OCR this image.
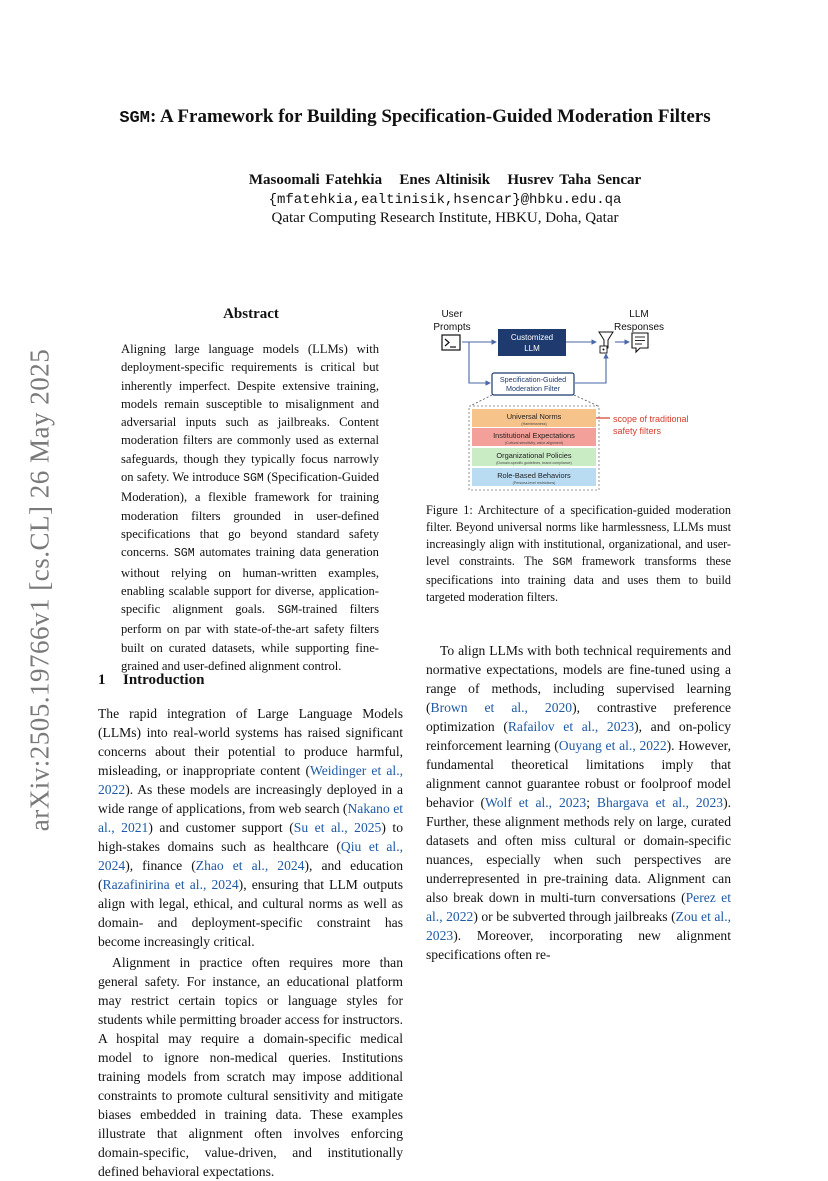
arXiv:2505.19766v1 [cs.CL] 26 May 2025
SGM: A Framework for Building Specification-Guided Moderation Filters
Masoomali Fatehkia   Enes Altinisik   Husrev Taha Sencar
{mfatehkia,ealtinisik,hsencar}@hbku.edu.qa
Qatar Computing Research Institute, HBKU, Doha, Qatar
Abstract
Aligning large language models (LLMs) with deployment-specific requirements is critical but inherently imperfect. Despite extensive training, models remain susceptible to misalignment and adversarial inputs such as jailbreaks. Content moderation filters are commonly used as external safeguards, though they typically focus narrowly on safety. We introduce SGM (Specification-Guided Moderation), a flexible framework for training moderation filters grounded in user-defined specifications that go beyond standard safety concerns. SGM automates training data generation without relying on human-written examples, enabling scalable support for diverse, application-specific alignment goals. SGM-trained filters perform on par with state-of-the-art safety filters built on curated datasets, while supporting fine-grained and user-defined alignment control.
1 Introduction

The rapid integration of Large Language Models (LLMs) into real-world systems has raised significant concerns about their potential to produce harmful, misleading, or inappropriate content (Weidinger et al., 2022). As these models are increasingly deployed in a wide range of applications, from web search (Nakano et al., 2021) and customer support (Su et al., 2025) to high-stakes domains such as healthcare (Qiu et al., 2024), finance (Zhao et al., 2024), and education (Razafinirina et al., 2024), ensuring that LLM outputs align with legal, ethical, and cultural norms as well as domain- and deployment-specific constraint has become increasingly critical.

Alignment in practice often requires more than general safety. For instance, an educational platform may restrict certain topics or language styles for students while permitting broader access for instructors. A hospital may require a domain-specific medical model to ignore non-medical queries. Institutions training models from scratch may impose additional constraints to promote cultural sensitivity and mitigate biases embedded in training data. These examples illustrate that alignment often involves enforcing domain-specific, value-driven, and institutionally defined behavioral expectations.

To align LLMs with both technical requirements and normative expectations, models are fine-tuned using a range of methods, including supervised learning (Brown et al., 2020), contrastive preference optimization (Rafailov et al., 2023), and on-policy reinforcement learning (Ouyang et al., 2022). However, fundamental theoretical limitations imply that alignment cannot guarantee robust or foolproof model behavior (Wolf et al., 2023; Bhargava et al., 2023). Further, these alignment methods rely on large, curated datasets and often miss cultural or domain-specific nuances, especially when such perspectives are underrepresented in pre-training data. Alignment can also break down in multi-turn conversations (Perez et al., 2022) or be subverted through jailbreaks (Zou et al., 2023). Moreover, incorporating new alignment specifications often re-

User
Prompts
Customized
LLM
LLM
Responses
Specification-Guided
Moderation Filter
Universal Norms
(Harmlessness)
Institutional Expectations
(Cultural sensitivity, value alignment)
Organizational Policies
(Domain-specific guidelines, brand compliance)
Role-Based Behaviors
(Persona-level restrictions)
scope of traditional
safety filters
Figure 1: Architecture of a specification-guided moderation filter. Beyond universal norms like harmlessness, LLMs must increasingly align with institutional, organizational, and user-level constraints. The SGM framework transforms these specifications into training data and uses them to build targeted moderation filters.
